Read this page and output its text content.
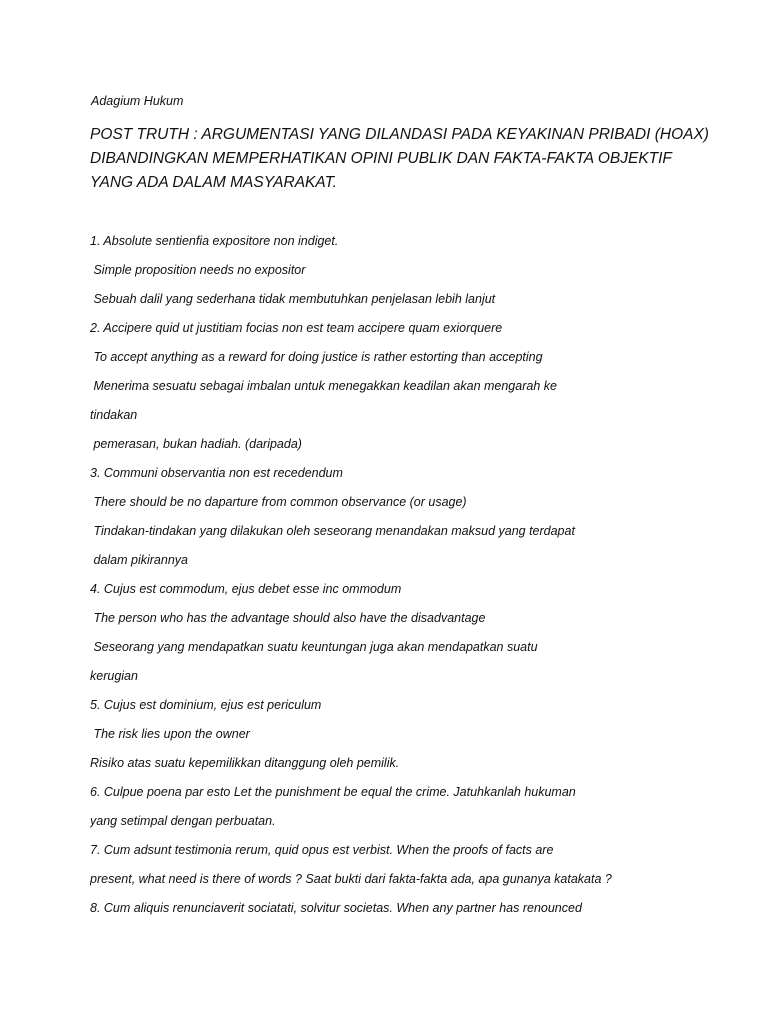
Adagium Hukum
POST TRUTH : ARGUMENTASI YANG DILANDASI PADA KEYAKINAN PRIBADI (HOAX)
DIBANDINGKAN MEMPERHATIKAN OPINI PUBLIK DAN FAKTA-FAKTA OBJEKTIF
YANG ADA DALAM MASYARAKAT.
1. Absolute sentienfia expositore non indiget.
Simple proposition needs no expositor
Sebuah dalil yang sederhana tidak membutuhkan penjelasan lebih lanjut
2. Accipere quid ut justitiam focias non est team accipere quam exiorquere
To accept anything as a reward for doing justice is rather estorting than accepting
Menerima sesuatu sebagai imbalan untuk menegakkan keadilan akan mengarah ke
tindakan
pemerasan, bukan hadiah. (daripada)
3. Communi observantia non est recedendum
There should be no daparture from common observance (or usage)
Tindakan-tindakan yang dilakukan oleh seseorang menandakan maksud yang terdapat
dalam pikirannya
4. Cujus est commodum, ejus debet esse inc ommodum
The person who has the advantage should also have the disadvantage
Seseorang yang mendapatkan suatu keuntungan juga akan mendapatkan suatu
kerugian
5. Cujus est dominium, ejus est periculum
The risk lies upon the owner
Risiko atas suatu kepemilikkan ditanggung oleh pemilik.
6. Culpue poena par esto Let the punishment be equal the crime. Jatuhkanlah hukuman
yang setimpal dengan perbuatan.
7. Cum adsunt testimonia rerum, quid opus est verbist. When the proofs of facts are
present, what need is there of words ? Saat bukti dari fakta-fakta ada, apa gunanya katakata ?
8. Cum aliquis renunciaverit sociatati, solvitur societas. When any partner has renounced
